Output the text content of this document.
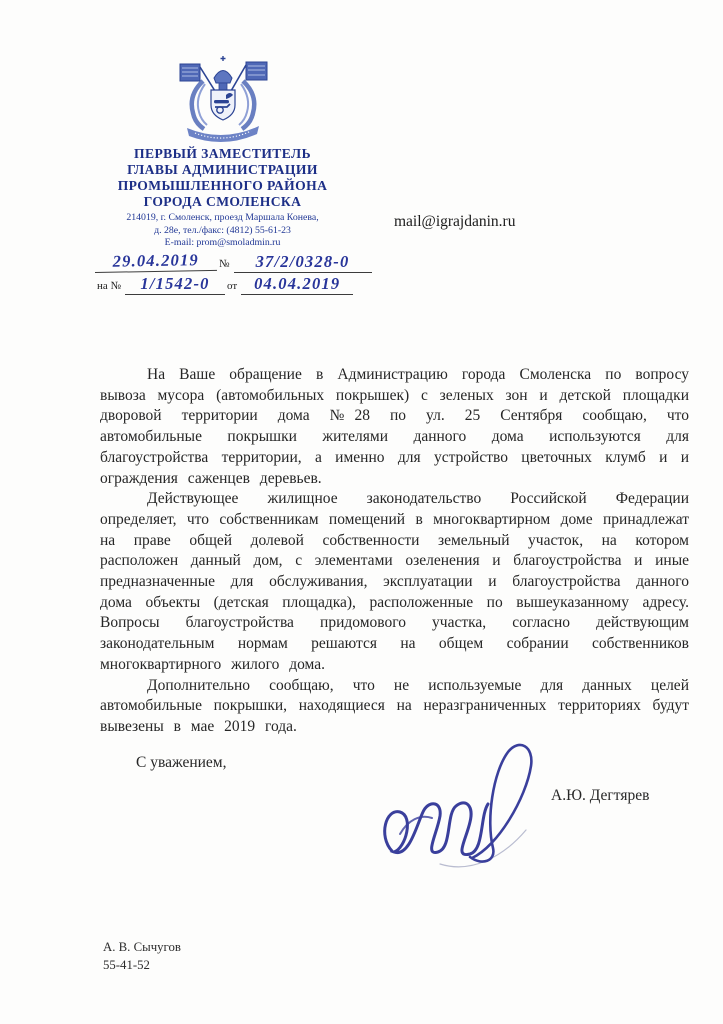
ПЕРВЫЙ ЗАМЕСТИТЕЛЬ
ГЛАВЫ АДМИНИСТРАЦИИ
ПРОМЫШЛЕННОГО РАЙОНА
ГОРОДА СМОЛЕНСКА
214019, г. Смоленск, проезд Маршала Конева,
д. 28е, тел./факс: (4812) 55-61-23
E-mail: prom@smoladmin.ru
29.04.2019	№	37/2/0328-0
на №	1/1542-0	от	04.04.2019
mail@igrajdanin.ru

На Ваше обращение в Администрацию города Смоленска по вопросу вывоза мусора (автомобильных покрышек) с зеленых зон и детской площадки дворовой территории дома №28 по ул. 25 Сентября сообщаю, что автомобильные покрышки жителями данного дома используются для благоустройства территории, а именно для устройство цветочных клумб и и ограждения саженцев деревьев.

Действующее жилищное законодательство Российской Федерации определяет, что собственникам помещений в многоквартирном доме принадлежат на праве общей долевой собственности земельный участок, на котором расположен данный дом, с элементами озеленения и благоустройства и иные предназначенные для обслуживания, эксплуатации и благоустройства данного дома объекты (детская площадка), расположенные по вышеуказанному адресу. Вопросы благоустройства придомового участка, согласно действующим законодательным нормам решаются на общем собрании собственников многоквартирного жилого дома.

Дополнительно сообщаю, что не используемые для данных целей автомобильные покрышки, находящиеся на неразграниченных территориях будут вывезены в мае 2019 года.

С уважением,
А.Ю. Дегтярев
А. В. Сычугов
55-41-52
